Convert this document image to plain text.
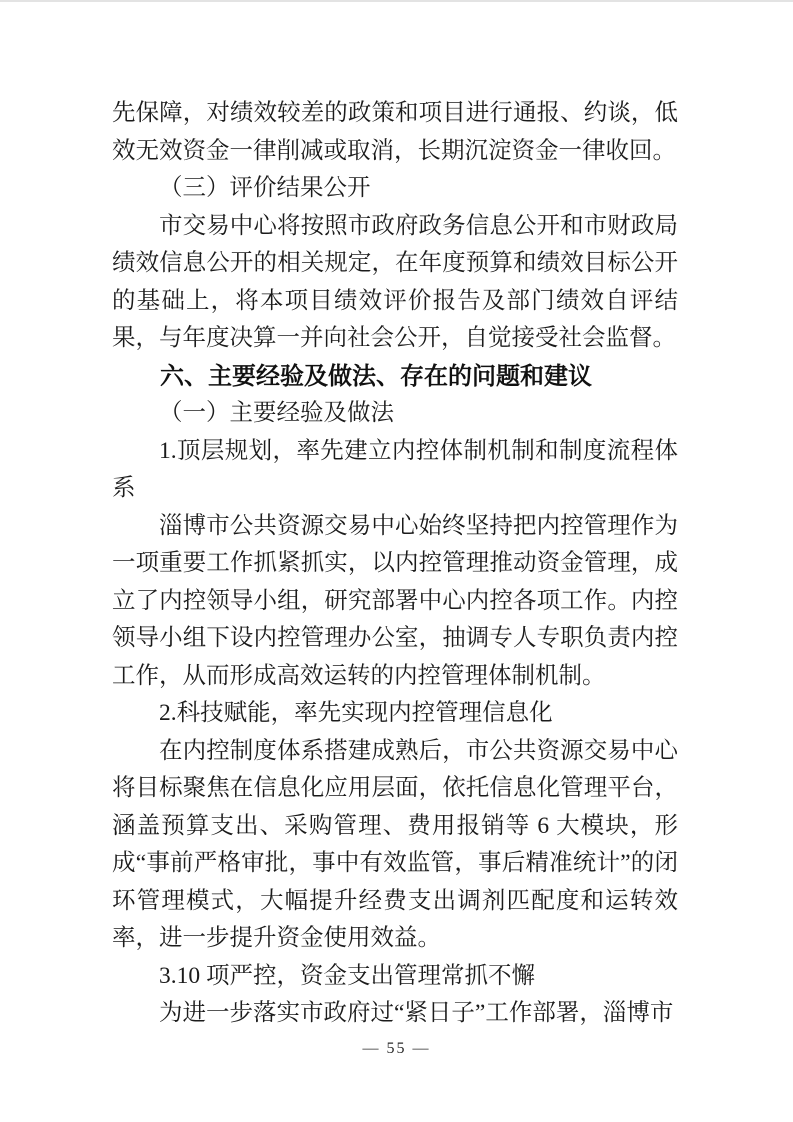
先保障，对绩效较差的政策和项目进行通报、约谈，低效无效资金一律削减或取消，长期沉淀资金一律收回。

（三）评价结果公开

市交易中心将按照市政府政务信息公开和市财政局绩效信息公开的相关规定，在年度预算和绩效目标公开的基础上，将本项目绩效评价报告及部门绩效自评结果，与年度决算一并向社会公开，自觉接受社会监督。

六、主要经验及做法、存在的问题和建议

（一）主要经验及做法

1.顶层规划，率先建立内控体制机制和制度流程体系

淄博市公共资源交易中心始终坚持把内控管理作为一项重要工作抓紧抓实，以内控管理推动资金管理，成立了内控领导小组，研究部署中心内控各项工作。内控领导小组下设内控管理办公室，抽调专人专职负责内控工作，从而形成高效运转的内控管理体制机制。

2.科技赋能，率先实现内控管理信息化

在内控制度体系搭建成熟后，市公共资源交易中心将目标聚焦在信息化应用层面，依托信息化管理平台，涵盖预算支出、采购管理、费用报销等 6 大模块，形成“事前严格审批，事中有效监管，事后精准统计”的闭环管理模式，大幅提升经费支出调剂匹配度和运转效率，进一步提升资金使用效益。

3.10 项严控，资金支出管理常抓不懈

为进一步落实市政府过“紧日子”工作部署，淄博市

— 55 —
